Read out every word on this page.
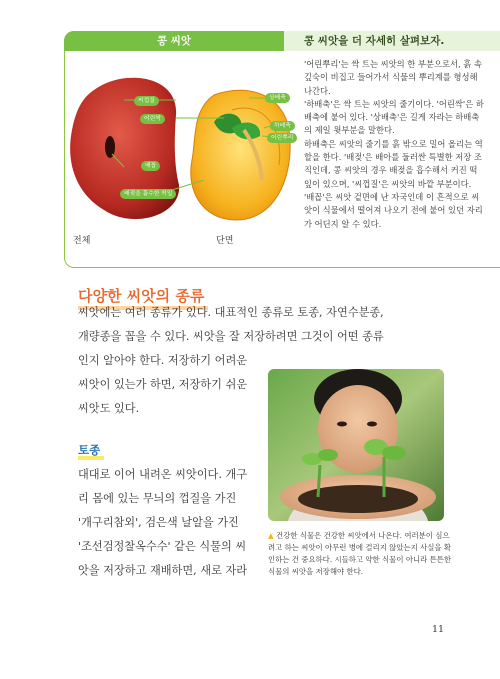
콩 씨앗	콩 씨앗을 더 자세히 살펴보자.
씨껍질
어린싹
배꼽
배젖을 흡수한 떡잎
상배축
하배축
어린뿌리
전체	단면

'어린뿌리'는 싹 트는 씨앗의 한 부분으로서, 흙 속 깊숙이 비집고 들어가서 식물의 뿌리계를 형성해 나간다.

'하배축'은 싹 트는 씨앗의 줄기이다. '어린싹'은 하배축에 붙어 있다. '상배축'은 길게 자라는 하배축의 제일 윗부분을 말한다.

하배축은 씨앗의 줄기를 흙 밖으로 밀어 올리는 역할을 한다. '배젖'은 배아를 둘러싼 특별한 저장 조직인데, 콩 씨앗의 경우 배젖을 흡수해서 커진 떡잎이 있으며, '씨껍질'은 씨앗의 바깥 부분이다. '배꼽'은 씨앗 겉면에 난 자국인데 이 흔적으로 씨앗이 식물에서 떨어져 나오기 전에 붙어 있던 자리가 어딘지 알 수 있다.

다양한 씨앗의 종류

씨앗에는 여러 종류가 있다. 대표적인 종류로 토종, 자연수분종,

개량종을 꼽을 수 있다. 씨앗을 잘 저장하려면 그것이 어떤 종류

인지 알아야 한다. 저장하기 어려운

씨앗이 있는가 하면, 저장하기 쉬운

씨앗도 있다.

토종

대대로 이어 내려온 씨앗이다. 개구

리 몸에 있는 무늬의 껍질을 가진

'개구리참외', 검은색 날알을 가진

'조선검정찰옥수수' 같은 식물의 씨

앗을 저장하고 재배하면, 새로 자라

▲ 건강한 식물은 건강한 씨앗에서 나온다. 여러분이 심으려고 하는 씨앗이 아무런 병에 걸리지 않았는지 사실을 확인하는 건 중요하다. 시들하고 약한 식물이 아니라 튼튼한 식물의 씨앗을 저장해야 한다.

11
